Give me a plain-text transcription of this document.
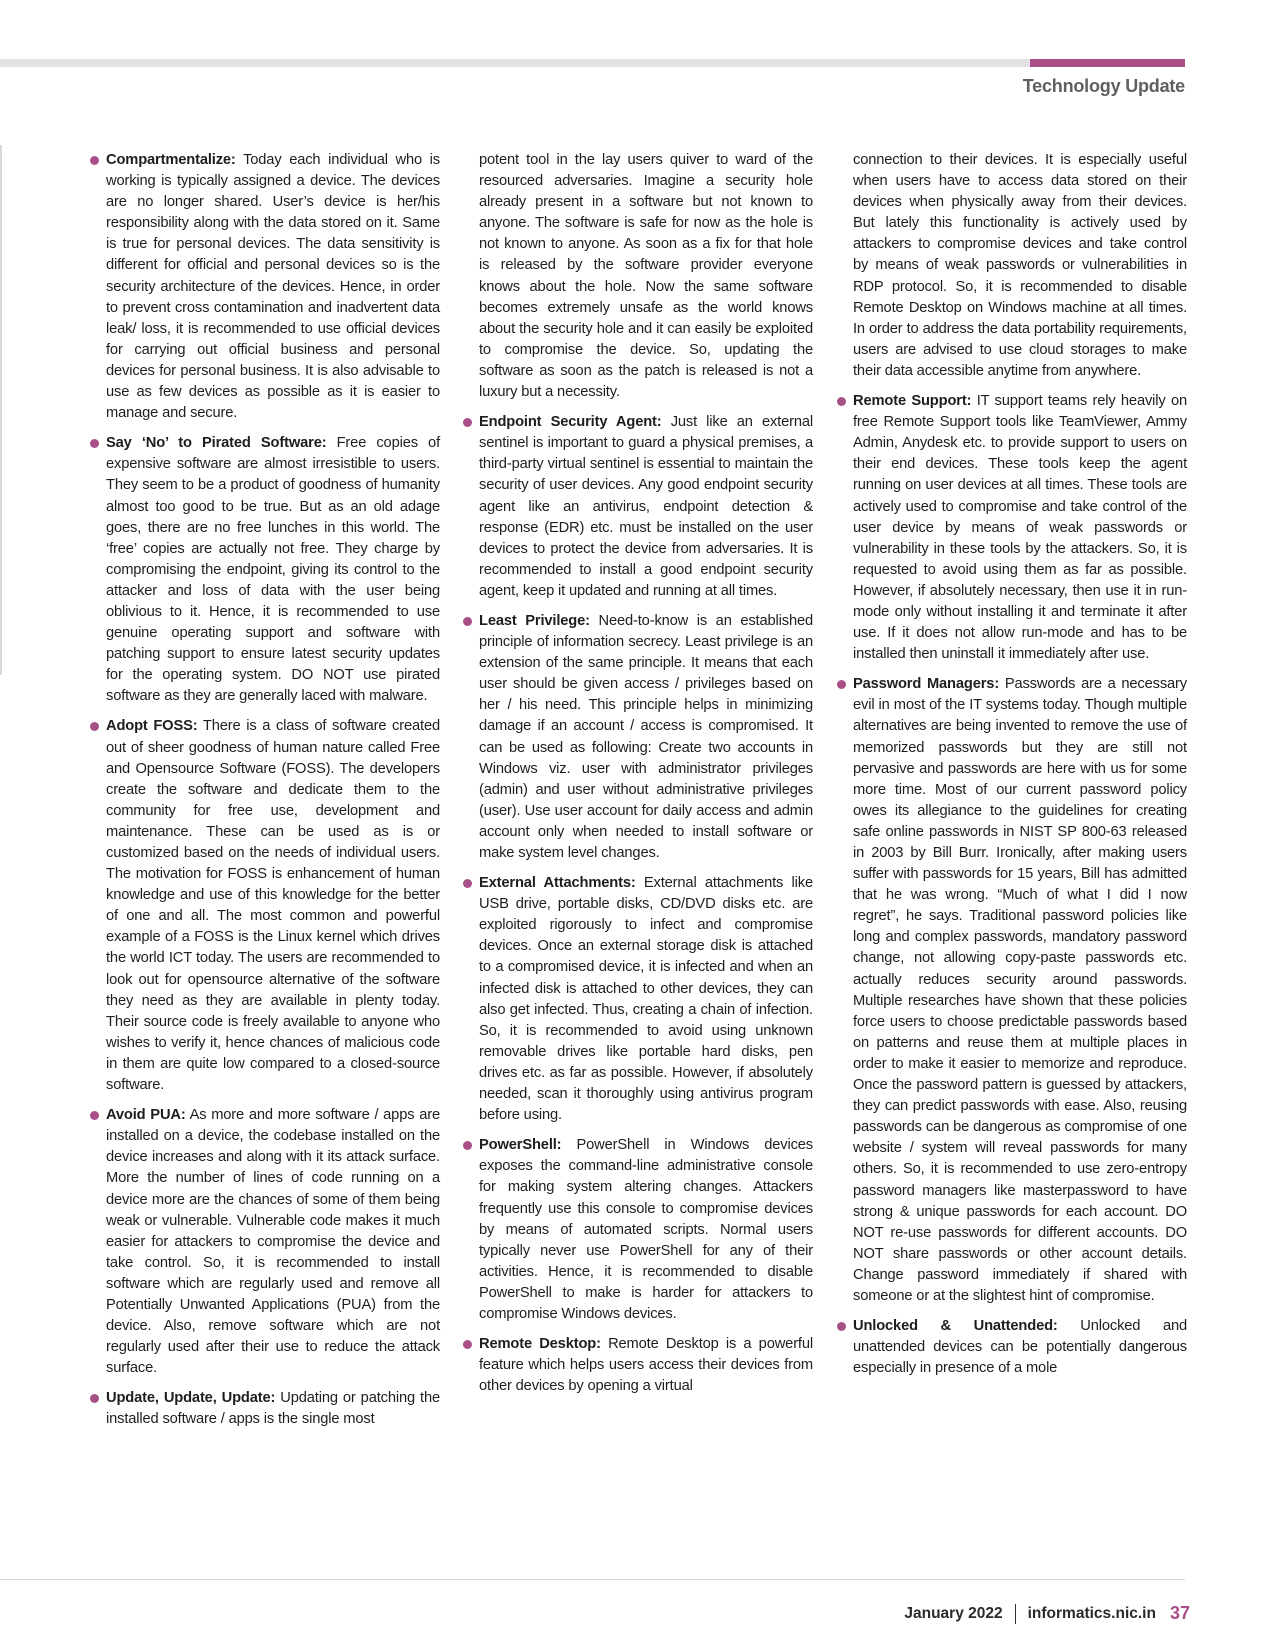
Technology Update

Compartmentalize: Today each individual who is working is typically assigned a device. The devices are no longer shared. User’s device is her/his responsibility along with the data stored on it. Same is true for personal devices. The data sensitivity is different for official and personal devices so is the security architecture of the devices. Hence, in order to prevent cross contamination and inadvertent data leak/ loss, it is recommended to use official devices for carrying out official business and personal devices for personal business. It is also advisable to use as few devices as possible as it is easier to manage and secure.

Say ‘No’ to Pirated Software: Free copies of expensive software are almost irresistible to users. They seem to be a product of goodness of humanity almost too good to be true. But as an old adage goes, there are no free lunches in this world. The ‘free’ copies are actually not free. They charge by compromising the endpoint, giving its control to the attacker and loss of data with the user being oblivious to it. Hence, it is recommended to use genuine operating support and software with patching support to ensure latest security updates for the operating system. DO NOT use pirated software as they are generally laced with malware.

Adopt FOSS: There is a class of software created out of sheer goodness of human nature called Free and Opensource Software (FOSS). The developers create the software and dedicate them to the community for free use, development and maintenance. These can be used as is or customized based on the needs of individual users. The motivation for FOSS is enhancement of human knowledge and use of this knowledge for the better of one and all. The most common and powerful example of a FOSS is the Linux kernel which drives the world ICT today. The users are recommended to look out for opensource alternative of the software they need as they are available in plenty today. Their source code is freely available to anyone who wishes to verify it, hence chances of malicious code in them are quite low compared to a closed-source software.

Avoid PUA: As more and more software / apps are installed on a device, the codebase installed on the device increases and along with it its attack surface. More the number of lines of code running on a device more are the chances of some of them being weak or vulnerable. Vulnerable code makes it much easier for attackers to compromise the device and take control. So, it is recommended to install software which are regularly used and remove all Potentially Unwanted Applications (PUA) from the device. Also, remove software which are not regularly used after their use to reduce the attack surface.

Update, Update, Update: Updating or patching the installed software / apps is the single most

potent tool in the lay users quiver to ward of the resourced adversaries. Imagine a security hole already present in a software but not known to anyone. The software is safe for now as the hole is not known to anyone. As soon as a fix for that hole is released by the software provider everyone knows about the hole. Now the same software becomes extremely unsafe as the world knows about the security hole and it can easily be exploited to compromise the device. So, updating the software as soon as the patch is released is not a luxury but a necessity.

Endpoint Security Agent: Just like an external sentinel is important to guard a physical premises, a third-party virtual sentinel is essential to maintain the security of user devices. Any good endpoint security agent like an antivirus, endpoint detection & response (EDR) etc. must be installed on the user devices to protect the device from adversaries. It is recommended to install a good endpoint security agent, keep it updated and running at all times.

Least Privilege: Need-to-know is an established principle of information secrecy. Least privilege is an extension of the same principle. It means that each user should be given access / privileges based on her / his need. This principle helps in minimizing damage if an account / access is compromised. It can be used as following: Create two accounts in Windows viz. user with administrator privileges (admin) and user without administrative privileges (user). Use user account for daily access and admin account only when needed to install software or make system level changes.

External Attachments: External attachments like USB drive, portable disks, CD/DVD disks etc. are exploited rigorously to infect and compromise devices. Once an external storage disk is attached to a compromised device, it is infected and when an infected disk is attached to other devices, they can also get infected. Thus, creating a chain of infection. So, it is recommended to avoid using unknown removable drives like portable hard disks, pen drives etc. as far as possible. However, if absolutely needed, scan it thoroughly using antivirus program before using.

PowerShell: PowerShell in Windows devices exposes the command-line administrative console for making system altering changes. Attackers frequently use this console to compromise devices by means of automated scripts. Normal users typically never use PowerShell for any of their activities. Hence, it is recommended to disable PowerShell to make is harder for attackers to compromise Windows devices.

Remote Desktop: Remote Desktop is a powerful feature which helps users access their devices from other devices by opening a virtual

connection to their devices. It is especially useful when users have to access data stored on their devices when physically away from their devices. But lately this functionality is actively used by attackers to compromise devices and take control by means of weak passwords or vulnerabilities in RDP protocol. So, it is recommended to disable Remote Desktop on Windows machine at all times. In order to address the data portability requirements, users are advised to use cloud storages to make their data accessible anytime from anywhere.

Remote Support: IT support teams rely heavily on free Remote Support tools like TeamViewer, Ammy Admin, Anydesk etc. to provide support to users on their end devices. These tools keep the agent running on user devices at all times. These tools are actively used to compromise and take control of the user device by means of weak passwords or vulnerability in these tools by the attackers. So, it is requested to avoid using them as far as possible. However, if absolutely necessary, then use it in run-mode only without installing it and terminate it after use. If it does not allow run-mode and has to be installed then uninstall it immediately after use.

Password Managers: Passwords are a necessary evil in most of the IT systems today. Though multiple alternatives are being invented to remove the use of memorized passwords but they are still not pervasive and passwords are here with us for some more time. Most of our current password policy owes its allegiance to the guidelines for creating safe online passwords in NIST SP 800-63 released in 2003 by Bill Burr. Ironically, after making users suffer with passwords for 15 years, Bill has admitted that he was wrong. “Much of what I did I now regret”, he says. Traditional password policies like long and complex passwords, mandatory password change, not allowing copy-paste passwords etc. actually reduces security around passwords. Multiple researches have shown that these policies force users to choose predictable passwords based on patterns and reuse them at multiple places in order to make it easier to memorize and reproduce. Once the password pattern is guessed by attackers, they can predict passwords with ease. Also, reusing passwords can be dangerous as compromise of one website / system will reveal passwords for many others. So, it is recommended to use zero-entropy password managers like masterpassword to have strong & unique passwords for each account. DO NOT re-use passwords for different accounts. DO NOT share passwords or other account details. Change password immediately if shared with someone or at the slightest hint of compromise.

Unlocked & Unattended: Unlocked and unattended devices can be potentially dangerous especially in presence of a mole

January 2022 informatics.nic.in 37
